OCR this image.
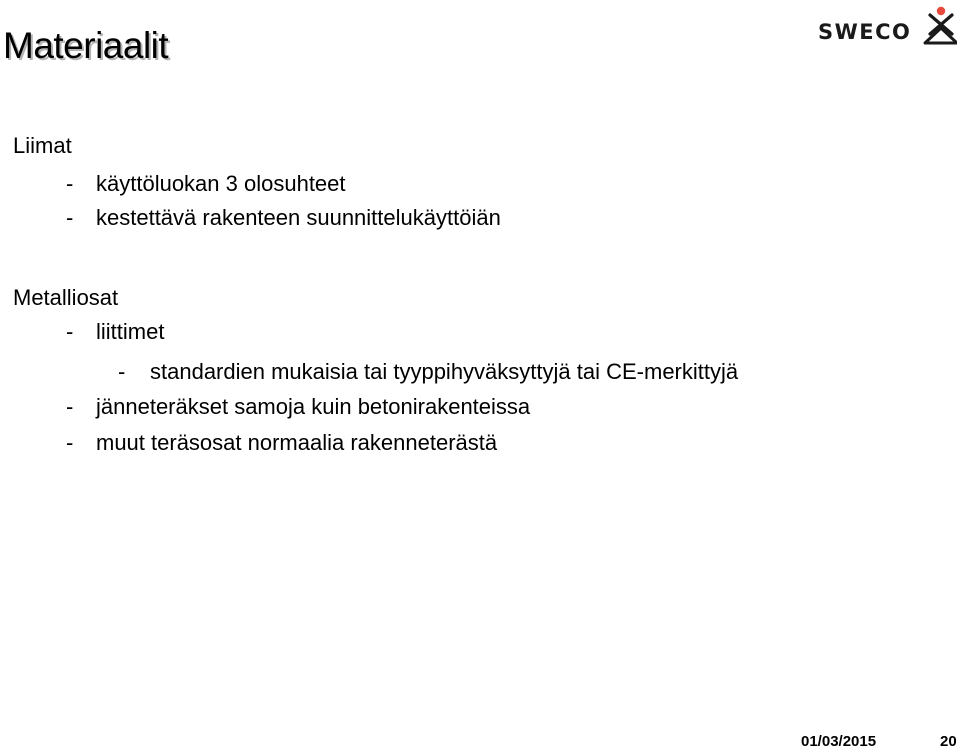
Materiaalit	SWECO
Liimat
- käyttöluokan 3 olosuhteet
- kestettävä rakenteen suunnittelukäyttöiän
Metalliosat
- liittimet
- standardien mukaisia tai tyyppihyväksyttyjä tai CE-merkittyjä
- jänneteräkset samoja kuin betonirakenteissa
- muut teräsosat normaalia rakenneterästä
01/03/2015	20
